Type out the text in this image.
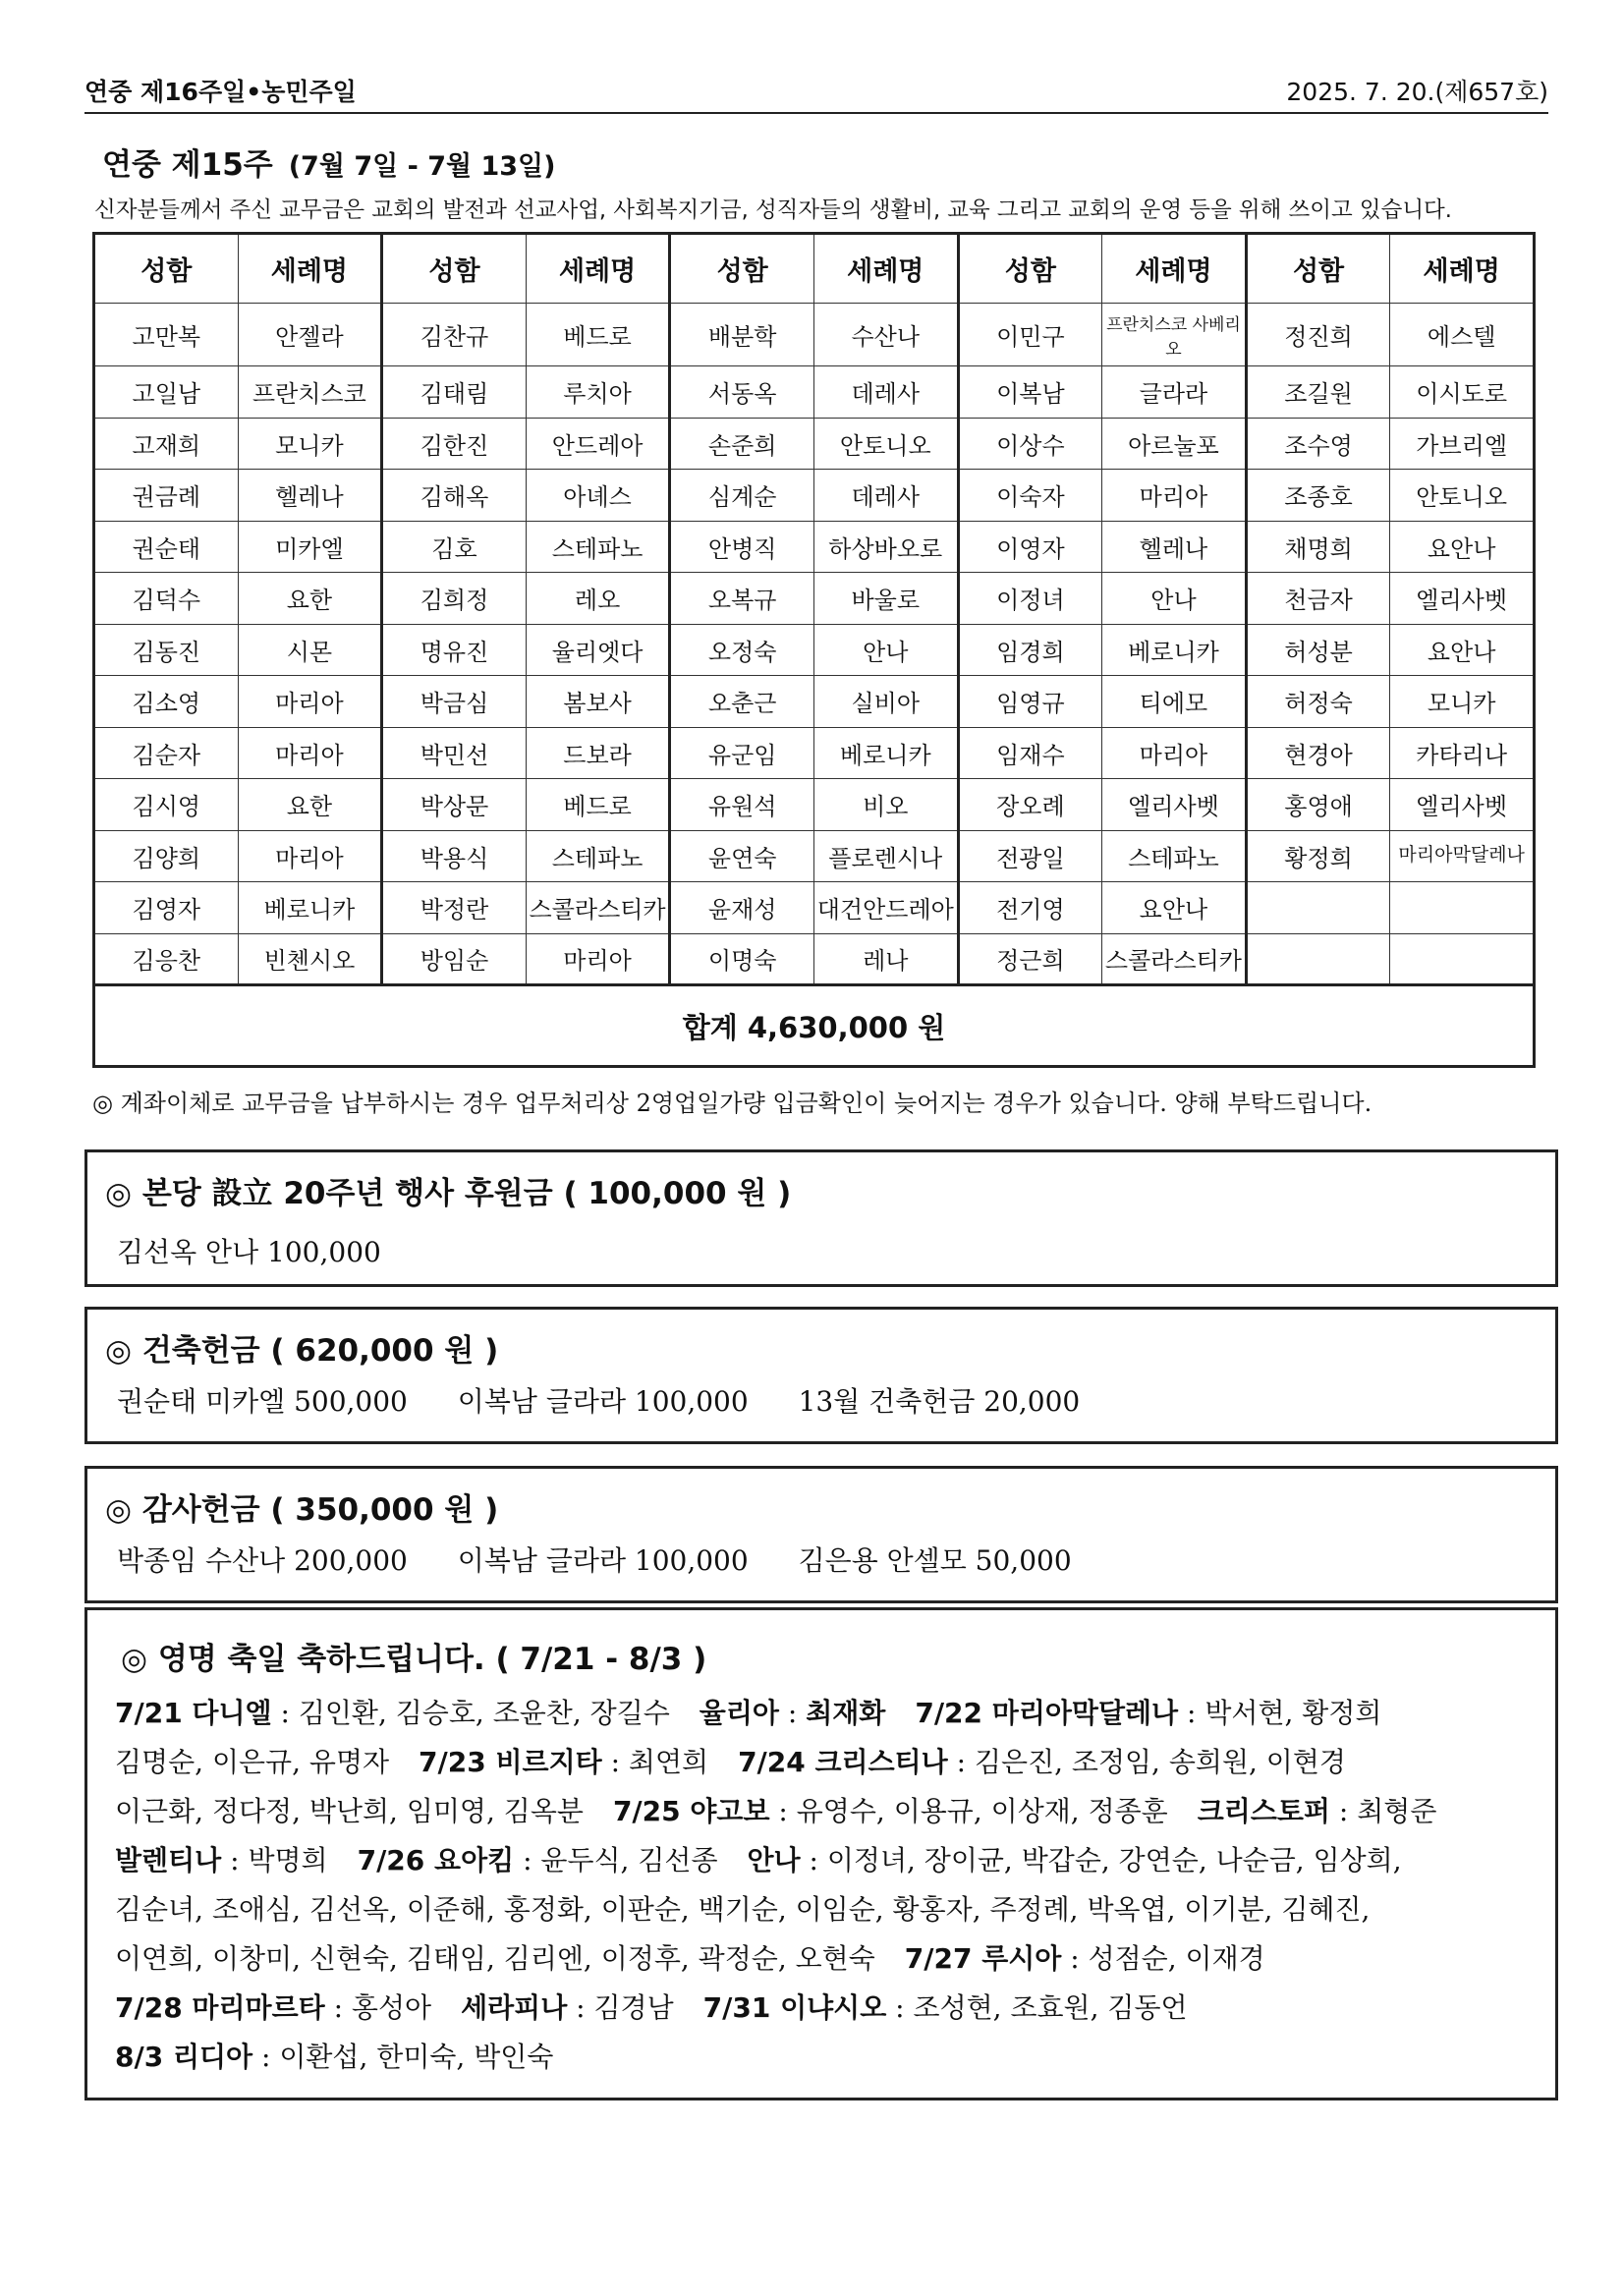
연중 제16주일•농민주일	2025. 7. 20.(제657호)
연중 제15주 (7월 7일 - 7월 13일)
신자분들께서 주신 교무금은 교회의 발전과 선교사업, 사회복지기금, 성직자들의 생활비, 교육 그리고 교회의 운영 등을 위해 쓰이고 있습니다.
성함	세례명	성함	세례명	성함	세례명	성함	세례명	성함	세례명
고만복	안젤라	김찬규	베드로	배분학	수산나	이민구	프란치스코 사베리오	정진희	에스텔
고일남	프란치스코	김태림	루치아	서동옥	데레사	이복남	글라라	조길원	이시도로
고재희	모니카	김한진	안드레아	손준희	안토니오	이상수	아르눌포	조수영	가브리엘
권금례	헬레나	김해옥	아녜스	심계순	데레사	이숙자	마리아	조종호	안토니오
권순태	미카엘	김호	스테파노	안병직	하상바오로	이영자	헬레나	채명희	요안나
김덕수	요한	김희정	레오	오복규	바울로	이정녀	안나	천금자	엘리사벳
김동진	시몬	명유진	율리엣다	오정숙	안나	임경희	베로니카	허성분	요안나
김소영	마리아	박금심	봄보사	오춘근	실비아	임영규	티에모	허정숙	모니카
김순자	마리아	박민선	드보라	유군임	베로니카	임재수	마리아	현경아	카타리나
김시영	요한	박상문	베드로	유원석	비오	장오례	엘리사벳	홍영애	엘리사벳
김양희	마리아	박용식	스테파노	윤연숙	플로렌시나	전광일	스테파노	황정희	마리아막달레나
김영자	베로니카	박정란	스콜라스티카	윤재성	대건안드레아	전기영	요안나		
김응찬	빈첸시오	방임순	마리아	이명숙	레나	정근희	스콜라스티카		
합계 4,630,000 원									
◎ 계좌이체로 교무금을 납부하시는 경우 업무처리상 2영업일가량 입금확인이 늦어지는 경우가 있습니다. 양해 부탁드립니다.
◎ 본당 設立 20주년 행사 후원금 ( 100,000 원 )
김선옥 안나 100,000
◎ 건축헌금 ( 620,000 원 )
권순태 미카엘 500,000 이복남 글라라 100,000 13월 건축헌금 20,000
◎ 감사헌금 ( 350,000 원 )
박종임 수산나 200,000 이복남 글라라 100,000 김은용 안셀모 50,000
◎ 영명 축일 축하드립니다. ( 7/21 - 8/3 )
7/21 다니엘 : 김인환, 김승호, 조윤찬, 장길수 율리아 : 최재화 7/22 마리아막달레나 : 박서현, 황정희
김명순, 이은규, 유명자 7/23 비르지타 : 최연희 7/24 크리스티나 : 김은진, 조정임, 송희원, 이현경
이근화, 정다정, 박난희, 임미영, 김옥분 7/25 야고보 : 유영수, 이용규, 이상재, 정종훈 크리스토퍼 : 최형준
발렌티나 : 박명희 7/26 요아킴 : 윤두식, 김선종 안나 : 이정녀, 장이균, 박갑순, 강연순, 나순금, 임상희,
김순녀, 조애심, 김선옥, 이준해, 홍정화, 이판순, 백기순, 이임순, 황홍자, 주정례, 박옥엽, 이기분, 김혜진,
이연희, 이창미, 신현숙, 김태임, 김리엔, 이정후, 곽정순, 오현숙 7/27 루시아 : 성점순, 이재경
7/28 마리마르타 : 홍성아 세라피나 : 김경남 7/31 이냐시오 : 조성현, 조효원, 김동언
8/3 리디아 : 이환섭, 한미숙, 박인숙
